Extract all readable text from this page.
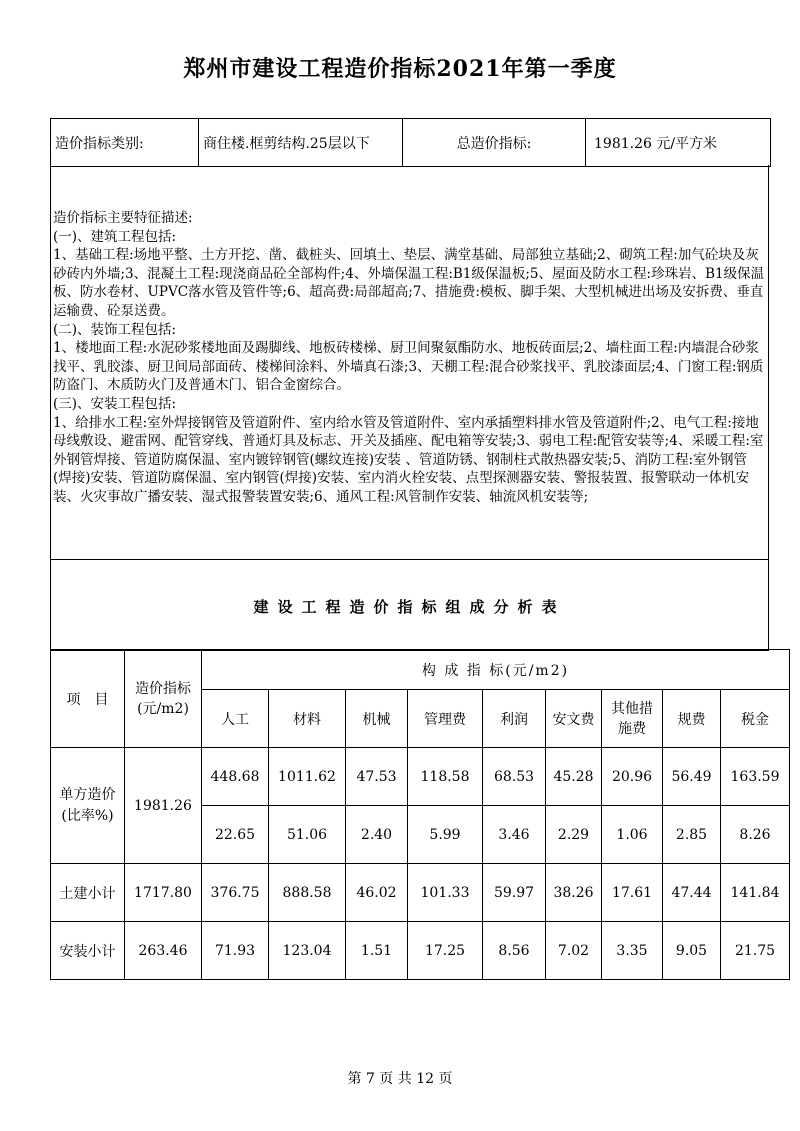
郑州市建设工程造价指标2021年第一季度
造价指标类别:	商住楼.框剪结构.25层以下	总造价指标:	1981.26 元/平方米
造价指标主要特征描述:
(一)、建筑工程包括:
1、基础工程:场地平整、土方开挖、凿、截桩头、回填土、垫层、满堂基础、局部独立基础;2、砌筑工程:加气砼块及灰砂砖内外墙;3、混凝土工程:现浇商品砼全部构件;4、外墙保温工程:B1级保温板;5、屋面及防水工程:珍珠岩、B1级保温板、防水卷材、UPVC落水管及管件等;6、超高费:局部超高;7、措施费:模板、脚手架、大型机械进出场及安拆费、垂直运输费、砼泵送费。
(二)、装饰工程包括:
1、楼地面工程:水泥砂浆楼地面及踢脚线、地板砖楼梯、厨卫间聚氨酯防水、地板砖面层;2、墙柱面工程:内墙混合砂浆找平、乳胶漆、厨卫间局部面砖、楼梯间涂料、外墙真石漆;3、天棚工程:混合砂浆找平、乳胶漆面层;4、门窗工程:钢质防盗门、木质防火门及普通木门、铝合金窗综合。
(三)、安装工程包括:
1、给排水工程:室外焊接钢管及管道附件、室内给水管及管道附件、室内承插塑料排水管及管道附件;2、电气工程:接地母线敷设、避雷网、配管穿线、普通灯具及标志、开关及插座、配电箱等安装;3、弱电工程:配管安装等;4、采暖工程:室外钢管焊接、管道防腐保温、室内镀锌钢管(螺纹连接)安装 、管道防锈、钢制柱式散热器安装;5、消防工程:室外钢管(焊接)安装、管道防腐保温、室内钢管(焊接)安装、室内消火栓安装、点型探测器安装、警报装置、报警联动一体机安装、火灾事故广播安装、湿式报警装置安装;6、通风工程:风管制作安装、轴流风机安装等;
建设工程造价指标组成分析表
项　目	造价指标(元/m2)	构 成 指 标(元/m2)								
		人工	材料	机械	管理费	利润	安文费	其他措施费	规费	税金
单方造价(比率%)	1981.26	448.68	1011.62	47.53	118.58	68.53	45.28	20.96	56.49	163.59
		22.65	51.06	2.40	5.99	3.46	2.29	1.06	2.85	8.26
土建小计	1717.80	376.75	888.58	46.02	101.33	59.97	38.26	17.61	47.44	141.84
安装小计	263.46	71.93	123.04	1.51	17.25	8.56	7.02	3.35	9.05	21.75
第 7 页 共 12 页
